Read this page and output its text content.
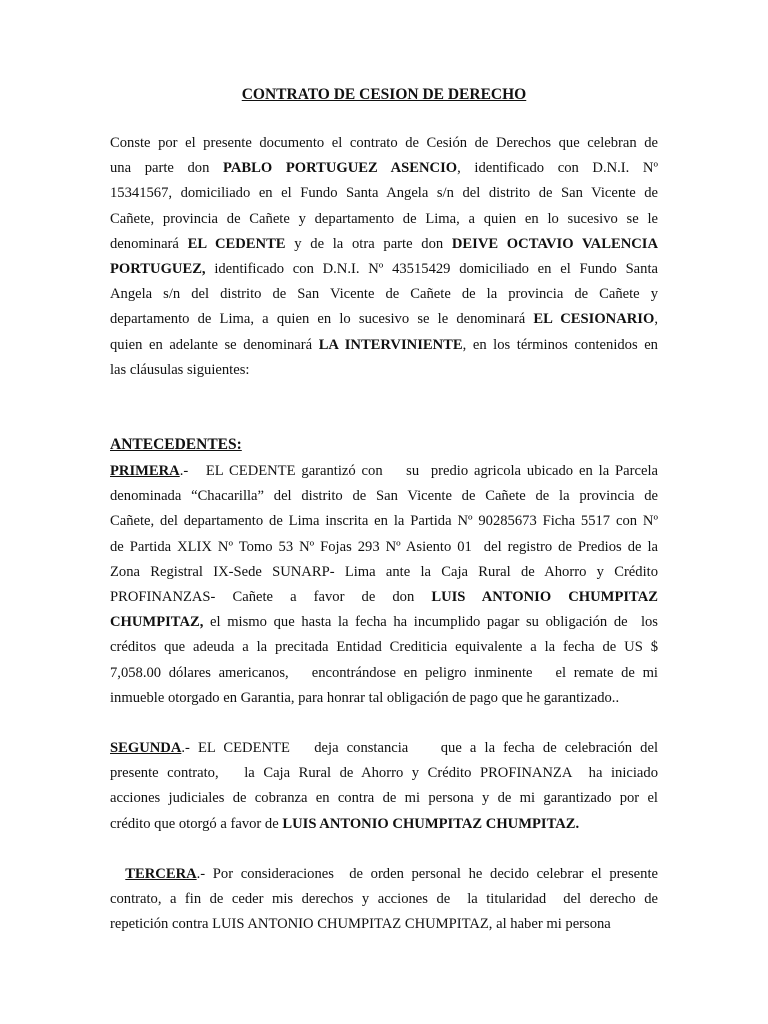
CONTRATO DE CESION DE DERECHO
Conste por el presente documento el contrato de Cesión de Derechos que celebran de
una parte don PABLO PORTUGUEZ ASENCIO, identificado con D.N.I. Nº
15341567, domiciliado en el Fundo Santa Angela s/n del distrito de San Vicente de
Cañete, provincia de Cañete y departamento de Lima, a quien en lo sucesivo se le
denominará EL CEDENTE y de la otra parte don DEIVE OCTAVIO VALENCIA
PORTUGUEZ, identificado con D.N.I. Nº 43515429 domiciliado en el Fundo Santa
Angela s/n del distrito de San Vicente de Cañete de la provincia de Cañete y
departamento de Lima, a quien en lo sucesivo se le denominará EL CESIONARIO,
quien en adelante se denominará LA INTERVINIENTE, en los términos contenidos en
las cláusulas siguientes:
ANTECEDENTES:
PRIMERA.-   EL CEDENTE garantizó con    su  predio agricola ubicado en la Parcela
denominada “Chacarilla” del distrito de San Vicente de Cañete de la provincia de
Cañete, del departamento de Lima inscrita en la Partida Nº 90285673 Ficha 5517 con Nº
de Partida XLIX Nº Tomo 53 Nº Fojas 293 Nº Asiento 01  del registro de Predios de la
Zona Registral IX-Sede SUNARP- Lima ante la Caja Rural de Ahorro y Crédito
PROFINANZAS- Cañete a favor de don LUIS ANTONIO CHUMPITAZ
CHUMPITAZ, el mismo que hasta la fecha ha incumplido pagar su obligación de  los
créditos que adeuda a la precitada Entidad Crediticia equivalente a la fecha de US $
7,058.00 dólares americanos,   encontrándose en peligro inminente   el remate de mi
inmueble otorgado en Garantia, para honrar tal obligación de pago que he garantizado..
SEGUNDA.- EL CEDENTE   deja constancia    que a la fecha de celebración del
presente contrato,   la Caja Rural de Ahorro y Crédito PROFINANZA  ha iniciado
acciones judiciales de cobranza en contra de mi persona y de mi garantizado por el
crédito que otorgó a favor de LUIS ANTONIO CHUMPITAZ CHUMPITAZ.
TERCERA.- Por consideraciones  de orden personal he decido celebrar el presente
contrato, a fin de ceder mis derechos y acciones de  la titularidad  del derecho de
repetición contra LUIS ANTONIO CHUMPITAZ CHUMPITAZ, al haber mi persona
